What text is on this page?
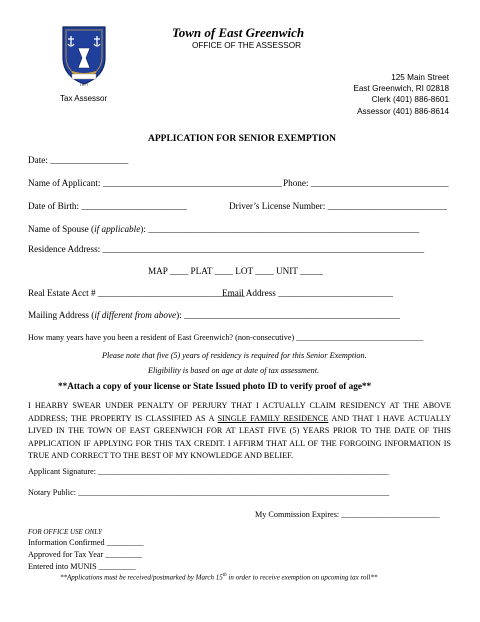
1677
Tax Assessor
Town of East Greenwich
OFFICE OF THE ASSESSOR
125 Main Street
East Greenwich, RI 02818
Clerk (401) 886-8601
Assessor (401) 886-8614
APPLICATION FOR SENIOR EXEMPTION
Date: _________________
Name of Applicant: _______________________________________ Phone: ______________________________
Date of Birth: _______________________	Driver’s License Number: __________________________
Name of Spouse (if applicable): ___________________________________________________________
Residence Address: ______________________________________________________________________
MAP ____ PLAT ____ LOT ____ UNIT _____
Real Estate Acct # ________________________________
Email Address _________________________
Mailing Address (if different from above): _______________________________________________
How many years have you been a resident of East Greenwich? (non-consecutive) _______________________________
Please note that five (5) years of residency is required for this Senior Exemption.
Eligibility is based on age at date of tax assessment.
**Attach a copy of your license or State Issued photo ID to verify proof of age**
I HEARBY SWEAR UNDER PENALTY OF PERJURY THAT I ACTUALLY CLAIM RESIDENCY AT THE ABOVE ADDRESS; THE PROPERTY IS CLASSIFIED AS A SINGLE FAMILY RESIDENCE AND THAT I HAVE ACTUALLY LIVED IN THE TOWN OF EAST GREENWICH FOR AT LEAST FIVE (5) YEARS PRIOR TO THE DATE OF THIS APPLICATION IF APPLYING FOR THIS TAX CREDIT. I AFFIRM THAT ALL OF THE FORGOING INFORMATION IS TRUE AND CORRECT TO THE BEST OF MY KNOWLEDGE AND BELIEF.
Applicant Signature: _______________________________________________________________________
Notary Public: ____________________________________________________________________________
My Commission Expires: ________________________
FOR OFFICE USE ONLY
Information Confirmed _________
Approved for Tax Year _________
Entered into MUNIS _________
**Applications must be received/postmarked by March 15th in order to receive exemption on upcoming tax roll**
